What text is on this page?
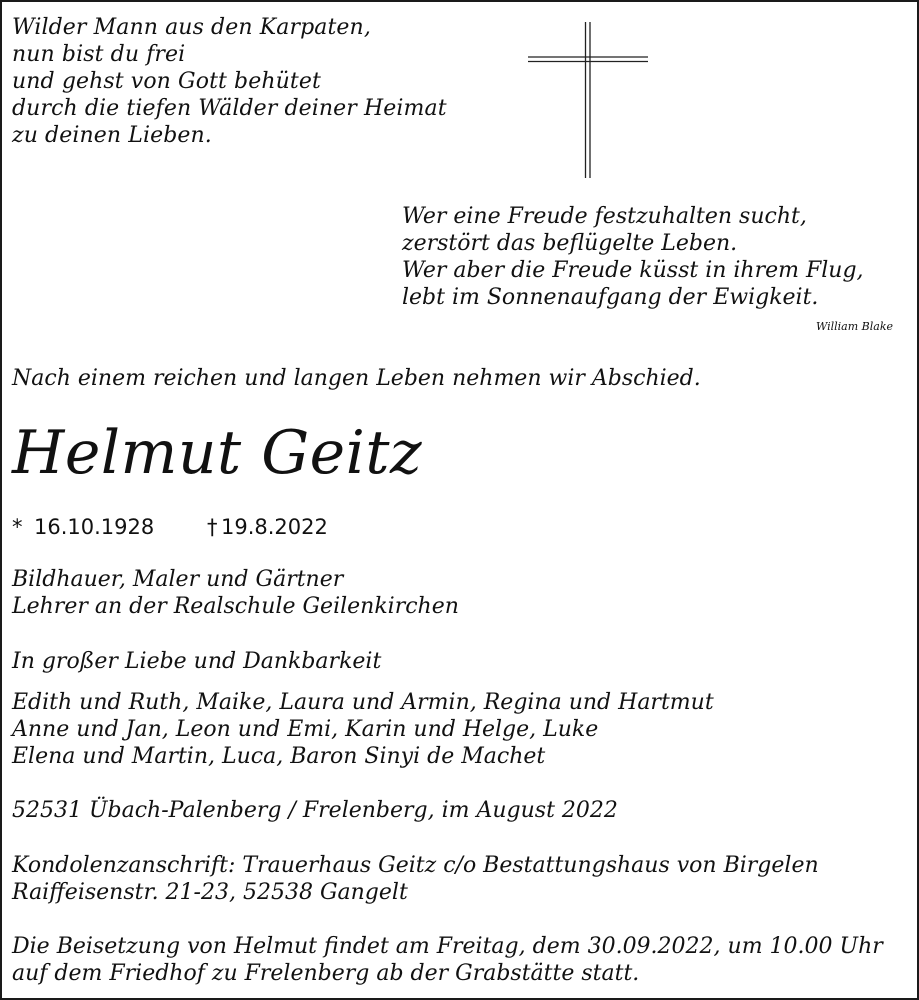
Wilder Mann aus den Karpaten,
nun bist du frei
und gehst von Gott behütet
durch die tiefen Wälder deiner Heimat
zu deinen Lieben.
Wer eine Freude festzuhalten sucht,
zerstört das beflügelte Leben.
Wer aber die Freude küsst in ihrem Flug,
lebt im Sonnenaufgang der Ewigkeit.
William Blake
Nach einem reichen und langen Leben nehmen wir Abschied.
Helmut Geitz
* 16.10.1928	† 19.8.2022
Bildhauer, Maler und Gärtner
Lehrer an der Realschule Geilenkirchen
In großer Liebe und Dankbarkeit
Edith und Ruth, Maike, Laura und Armin, Regina und Hartmut
Anne und Jan, Leon und Emi, Karin und Helge, Luke
Elena und Martin, Luca, Baron Sinyi de Machet
52531 Übach-Palenberg / Frelenberg, im August 2022
Kondolenzanschrift: Trauerhaus Geitz c/o Bestattungshaus von Birgelen
Raiffeisenstr. 21-23, 52538 Gangelt
Die Beisetzung von Helmut findet am Freitag, dem 30.09.2022, um 10.00 Uhr
auf dem Friedhof zu Frelenberg ab der Grabstätte statt.
